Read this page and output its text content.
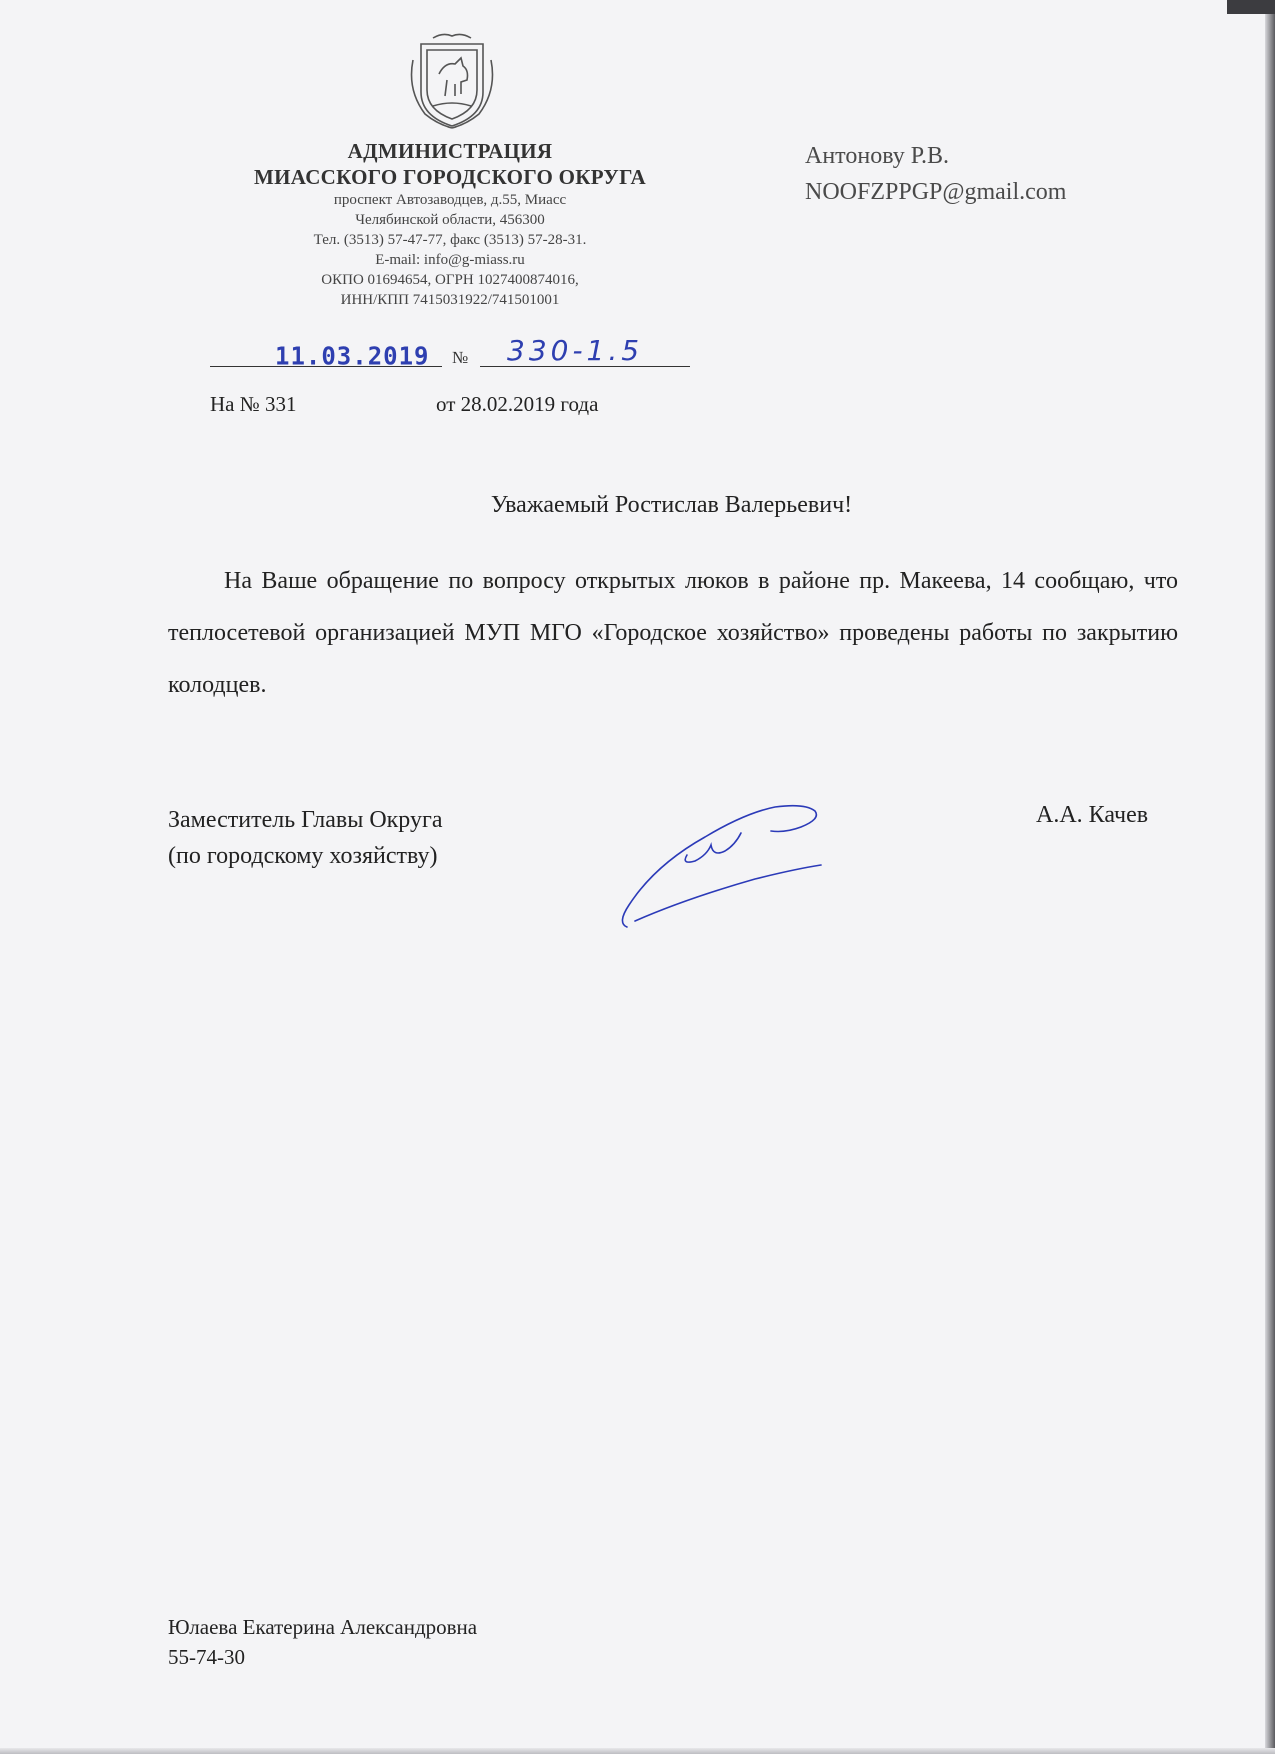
АДМИНИСТРАЦИЯ
МИАССКОГО ГОРОДСКОГО ОКРУГА
проспект Автозаводцев, д.55, Миасс
Челябинской области, 456300
Тел. (3513) 57-47-77, факс (3513) 57-28-31.
E-mail: info@g-miass.ru
ОКПО 01694654, ОГРН 1027400874016,
ИНН/КПП 7415031922/741501001
Антонову Р.В.
NOOFZPPGP@gmail.com
11.03.2019 № 330-1.5
На № 331	от 28.02.2019 года
Уважаемый Ростислав Валерьевич!
На Ваше обращение по вопросу открытых люков в районе пр. Макеева, 14 сообщаю, что теплосетевой организацией МУП МГО «Городское хозяйство» проведены работы по закрытию колодцев.
Заместитель Главы Округа
(по городскому хозяйству)
А.А. Качев
Юлаева Екатерина Александровна
55-74-30
